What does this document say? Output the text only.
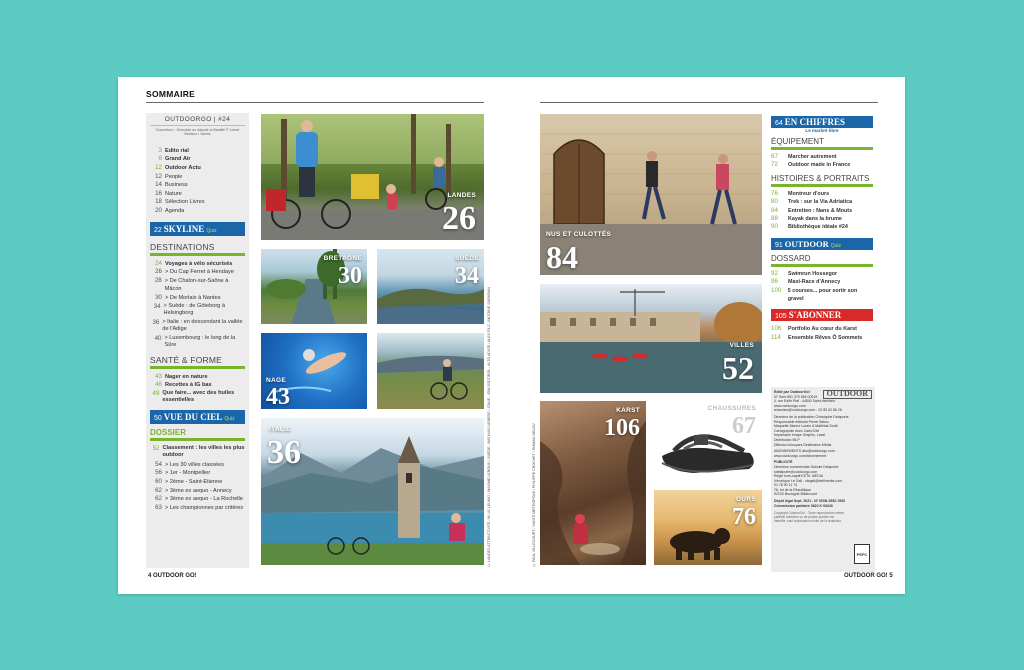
SOMMAIRE
OUTDOORGO | #24
Couverture : Grimolde ou dajoule la Bastille © Lionel Montico / Vareta
3 Edito rial
6 Grand Air
12 Outdoor Actu
12 People
14 Business
16 Nature
18 Sélection Livres
20 Agenda
22 SKYLINE Quiz
DESTINATIONS
24 Voyages à vélo sécurisés
26 > Du Cap Ferret à Hendaye
28 > De Chalon-sur-Saône à Mâcon
30 > De Morlaix à Nantes
34 > Suède : de Göteborg à Helsingborg
36 > Italie : en descendant la vallée de l'Adige
40 > Luxembourg : le long de la Sûre
SANTÉ & FORME
43 Nager en nature
46 Recettes à IG bas
49 Que faire... avec des huiles essentielles
50 VUE DU CIEL Quiz
DOSSIER
52 Classement : les villes les plus outdoor
54 > Les 30 villes classées
56 > 1er - Montpellier
60 > 2ème - Saint-Etienne
62 > 3ème ex aequo - Annecy
62 > 3ème ex aequo - La Rochelle
63 > Les championnes par critères
LANDES
26
BRETAGNE
30
SUÈDE
34
NAGE
43
ITALIE
36	© LANDES ATTRACTIVITÉ / M. LE LEUNIG / MAXIME LEROUX / SUÈDE : MATHIAS LIEBERG / ITALIE : IDM SÜDTIROL - ALTO ADIGE / ALEX FILZ / ANTOINE SAFARIAN
4 OUTDOOR GO!
© PAUL VILLECOURT / SANTÉ MÉTROPOLE / PHILIPPE CROCHET / ROMAN ORLOV
NUS ET CULOTTÉS
84
VILLES
52
KARST
106
CHAUSSURES
67
OURS
76
64 EN CHIFFRES
Le marbré libre
ÉQUIPEMENT
67	Marcher autrement
72	Outdoor made in France
HISTOIRES & PORTRAITS
76	Montreur d'ours
80	Trek : sur la Via Adriatica
84	Entretien : Nans & Mouts
88	Kayak dans la brume
90	Bibliothèque idéale #24
91 OUTDOOR Quiz
DOSSARD
92	Swimrun Hossegor
96	Maxi-Race d'Annecy
100	5 courses... pour sortir son gravel
105 S'ABONNER
106	Portfolio Au cœur du Karst
114	Ensemble Rêves Ô Sommets
OUTDOOR
Édité par OutdoorGo!
N° Siret 851 379 966 00019
4, rue Edith Piaf - 44800 Saint-Herblain
www.outdoorgo.com
redaction@outdoorgo.com - 02 85 52 86 26
Directeur de la publication Christophe Delaporte
Responsable éditorial Pierre Sahuc
Maquette Marine Lorain & Mathilda Dudit
Cartographie Avec Carto'Cité
Impression Imaye Graphic, Laval
Distribution MLP
Diffusion kiosques Destination Média
ABONNEMENTS abo@outdoorgo.com
www.outdoorgo.com/abonnement
PUBLICITÉ
Directrice commerciale Sidonie Delaporte
sdelaporte@outdoorgo.com
Régie hors-captif KETIL MEDIA
Véronique Le Gall - vlegall@ketilmedia.com
01 78 90 11 74
76, bd de la République
92100 Boulogne-Billancourt
Dépôt légal Sept. 2021 - N° ISSN 2552-7630
Commission paritaire 0622 K 93343
Copyright OutdoorGo! - Toute reproduction même partielle d'articles ou de photos publiés est interdite, sauf autorisation écrite de la rédaction.
PEFC
OUTDOOR GO! 5
